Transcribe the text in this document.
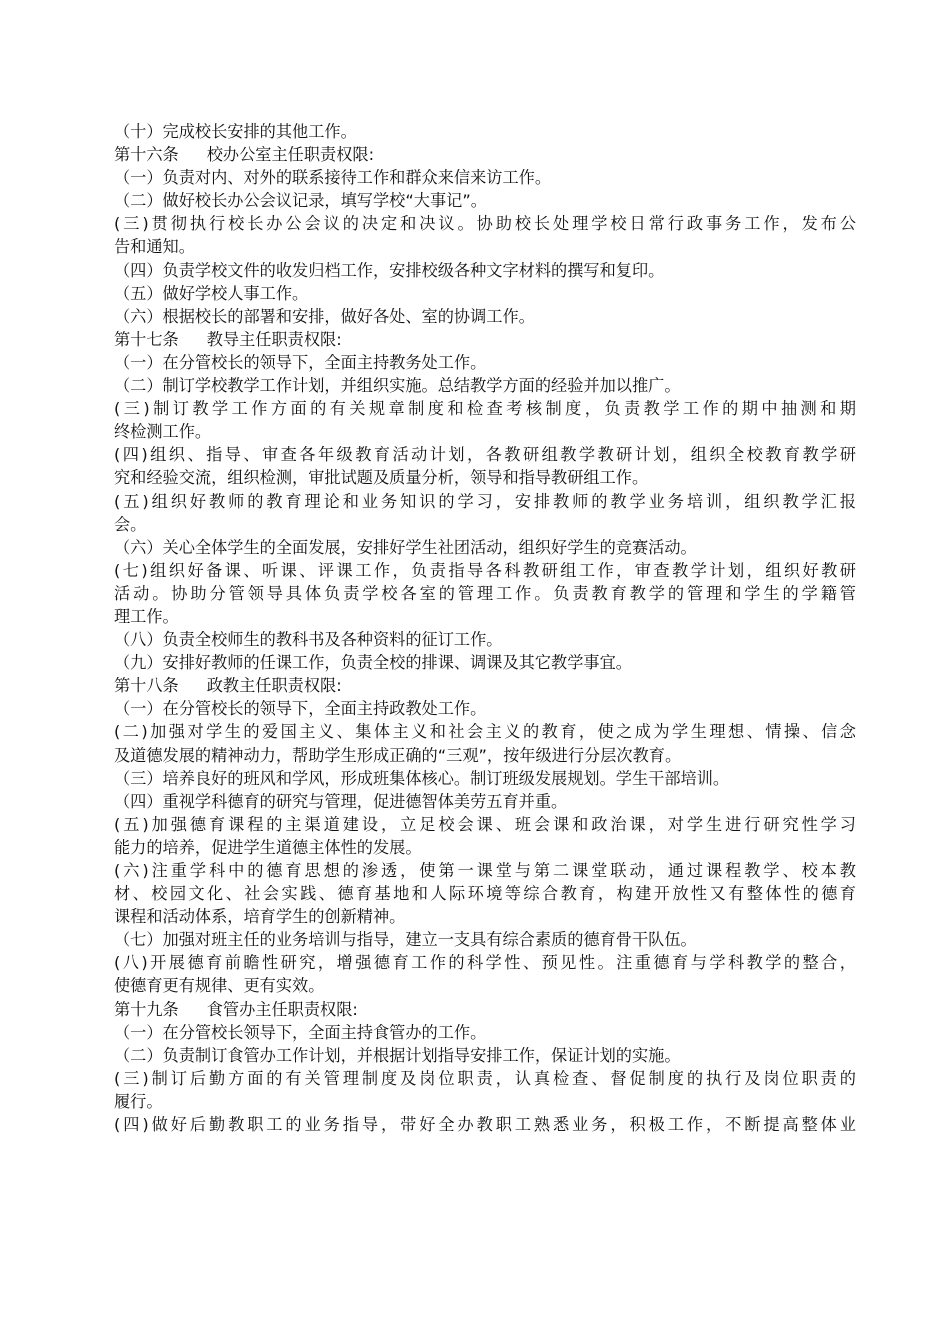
（十）完成校长安排的其他工作。
第十六条 校办公室主任职责权限:
（一）负责对内、对外的联系接待工作和群众来信来访工作。
（二）做好校长办公会议记录，填写学校“大事记”。
(三)贯彻执行校长办公会议的决定和决议。协助校长处理学校日常行政事务工作，发布公
告和通知。
（四）负责学校文件的收发归档工作，安排校级各种文字材料的撰写和复印。
（五）做好学校人事工作。
（六）根据校长的部署和安排，做好各处、室的协调工作。
第十七条 教导主任职责权限:
（一）在分管校长的领导下，全面主持教务处工作。
（二）制订学校教学工作计划，并组织实施。总结教学方面的经验并加以推广。
(三)制订教学工作方面的有关规章制度和检查考核制度，负责教学工作的期中抽测和期
终检测工作。
(四)组织、指导、审查各年级教育活动计划，各教研组教学教研计划，组织全校教育教学研
究和经验交流，组织检测，审批试题及质量分析，领导和指导教研组工作。
(五)组织好教师的教育理论和业务知识的学习，安排教师的教学业务培训，组织教学汇报
会。
（六）关心全体学生的全面发展，安排好学生社团活动，组织好学生的竞赛活动。
(七)组织好备课、听课、评课工作，负责指导各科教研组工作，审查教学计划，组织好教研
活动。协助分管领导具体负责学校各室的管理工作。负责教育教学的管理和学生的学籍管
理工作。
（八）负责全校师生的教科书及各种资料的征订工作。
（九）安排好教师的任课工作，负责全校的排课、调课及其它教学事宜。
第十八条 政教主任职责权限:
（一）在分管校长的领导下，全面主持政教处工作。
(二)加强对学生的爱国主义、集体主义和社会主义的教育，使之成为学生理想、情操、信念
及道德发展的精神动力，帮助学生形成正确的“三观”，按年级进行分层次教育。
（三）培养良好的班风和学风，形成班集体核心。制订班级发展规划。学生干部培训。
（四）重视学科德育的研究与管理，促进德智体美劳五育并重。
(五)加强德育课程的主渠道建设，立足校会课、班会课和政治课，对学生进行研究性学习
能力的培养，促进学生道德主体性的发展。
(六)注重学科中的德育思想的渗透，使第一课堂与第二课堂联动，通过课程教学、校本教
材、校园文化、社会实践、德育基地和人际环境等综合教育，构建开放性又有整体性的德育
课程和活动体系，培育学生的创新精神。
（七）加强对班主任的业务培训与指导，建立一支具有综合素质的德育骨干队伍。
(八)开展德育前瞻性研究，增强德育工作的科学性、预见性。注重德育与学科教学的整合，
使德育更有规律、更有实效。
第十九条 食管办主任职责权限:
（一）在分管校长领导下，全面主持食管办的工作。
（二）负责制订食管办工作计划，并根据计划指导安排工作，保证计划的实施。
(三)制订后勤方面的有关管理制度及岗位职责，认真检查、督促制度的执行及岗位职责的
履行。
(四)做好后勤教职工的业务指导，带好全办教职工熟悉业务，积极工作，不断提高整体业
